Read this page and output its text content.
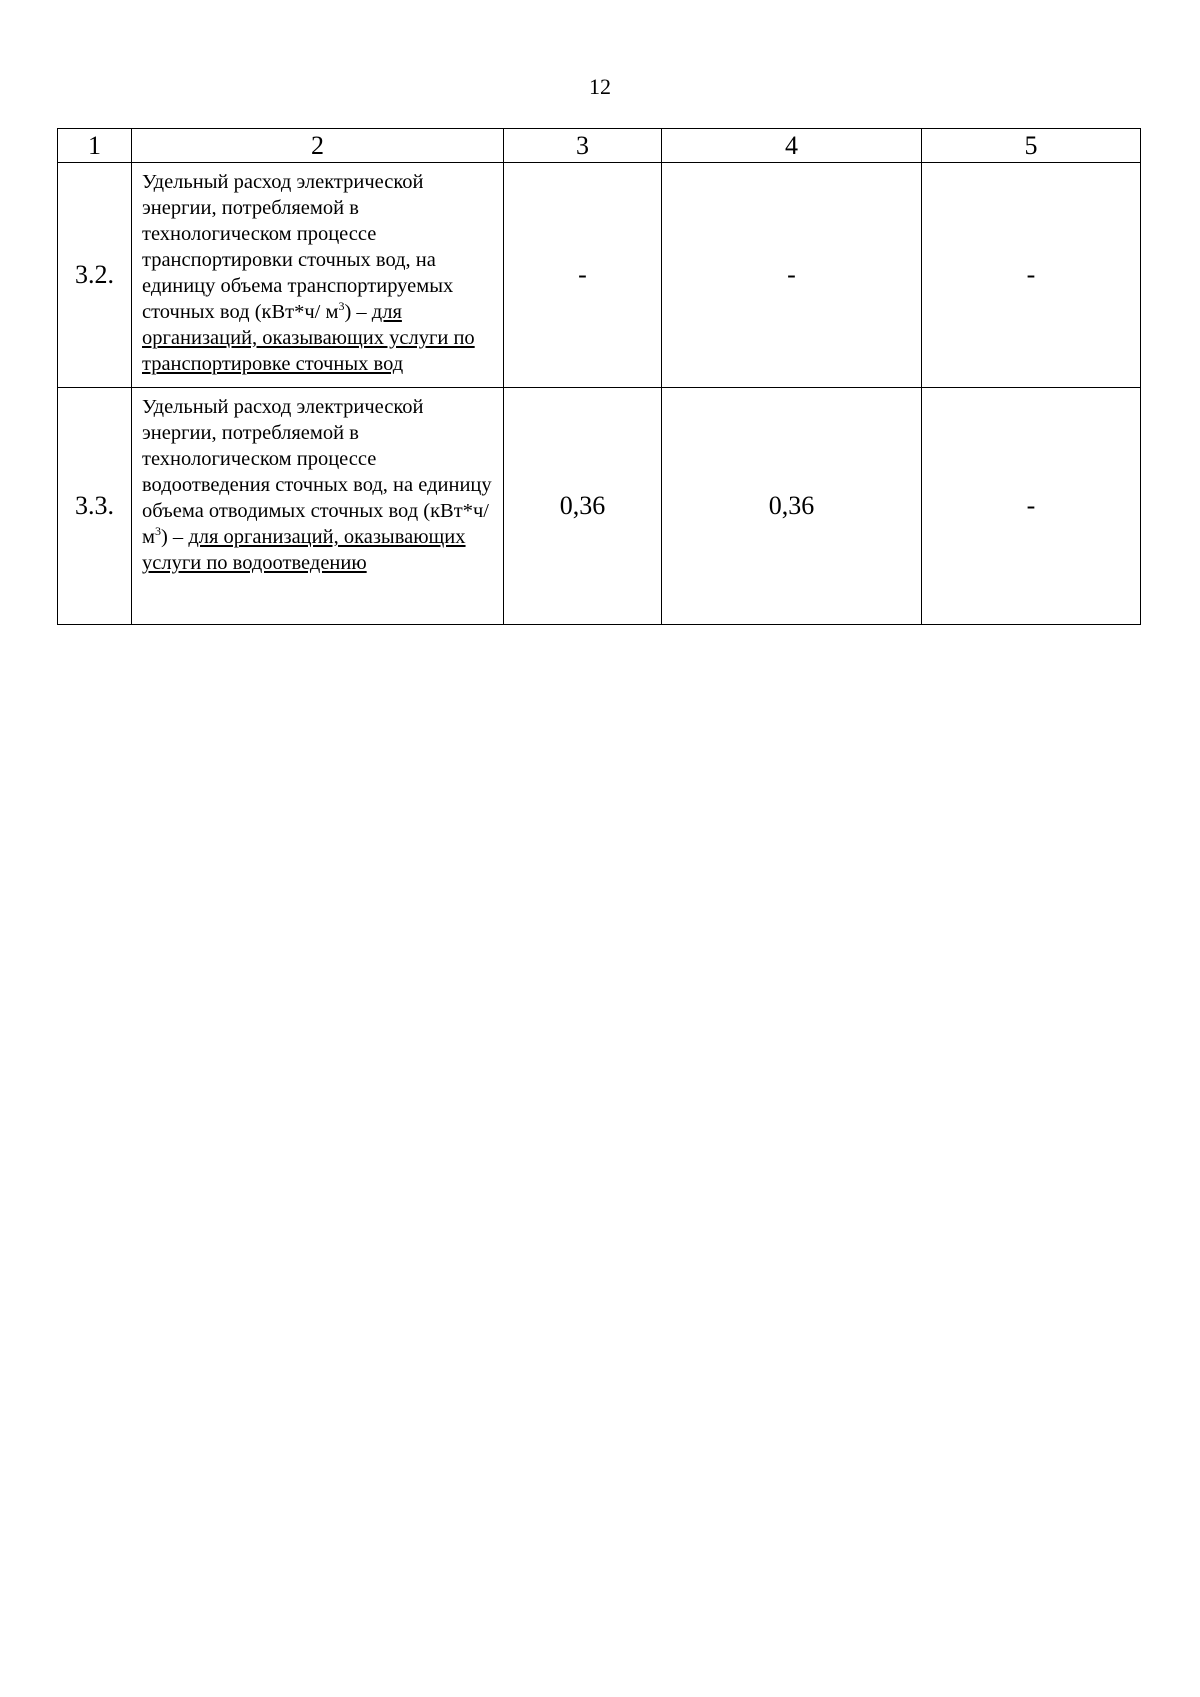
12
1	2	3	4	5
3.2.	Удельный расход электрической энергии, потребляемой в технологическом процессе транспортировки сточных вод, на единицу объема транспортируемых сточных вод (кВт*ч/ $м^3$) – для организаций, оказывающих услуги по транспортировке сточных вод	-	-	-
3.3.	Удельный расход электрической энергии, потребляемой в технологическом процессе водоотведения сточных вод, на единицу объема отводимых сточных вод (кВт*ч/ $м^3$) – для организаций, оказывающих услуги по водоотведению	0,36	0,36	-
